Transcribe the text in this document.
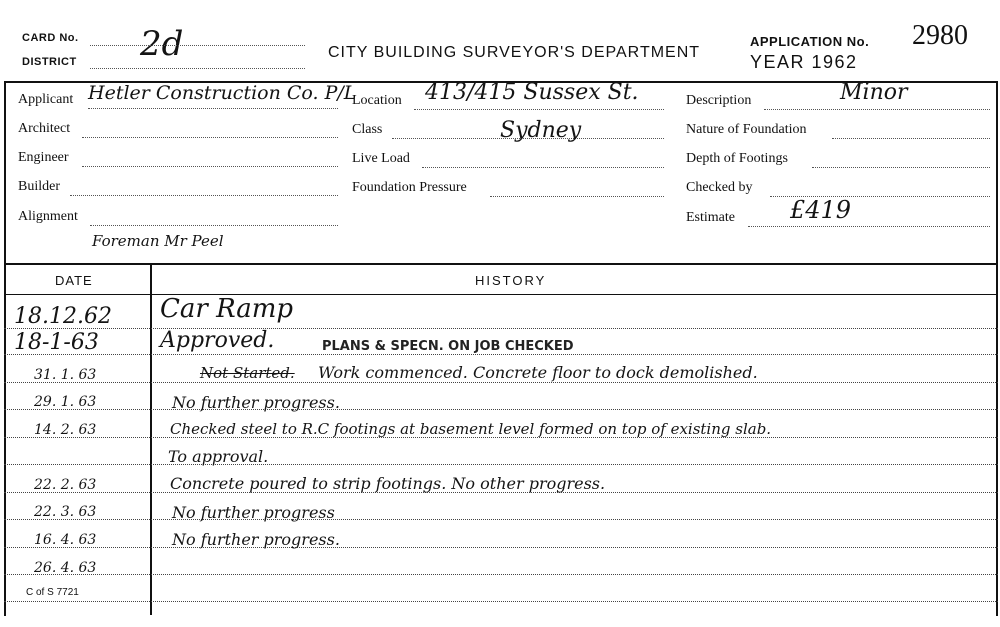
CARD No. 2d
DISTRICT
CITY BUILDING SURVEYOR'S DEPARTMENT
APPLICATION No. 2980
YEAR 1962
Applicant Hetler Construction Co. P/L
Architect
Engineer
Builder
Alignment
Foreman Mr Peel
Location 413/415 Sussex St.
Class	Sydney
Live Load
Foundation Pressure
Description	Minor
Nature of Foundation
Depth of Footings
Checked by
Estimate £419
DATE	HISTORY
18.12.62 Car Ramp
18-1-63	Approved.	PLANS & SPECN. ON JOB CHECKED
31. 1. 63	Not Started. Work commenced. Concrete floor to dock demolished.
29. 1. 63	No further progress.
14. 2. 63	Checked steel to R.C footings at basement level formed on top of existing slab.
To approval.
22. 2. 63	Concrete poured to strip footings. No other progress.
22. 3. 63	No further progress
16. 4. 63	No further progress.
26. 4. 63
C of S 7721
